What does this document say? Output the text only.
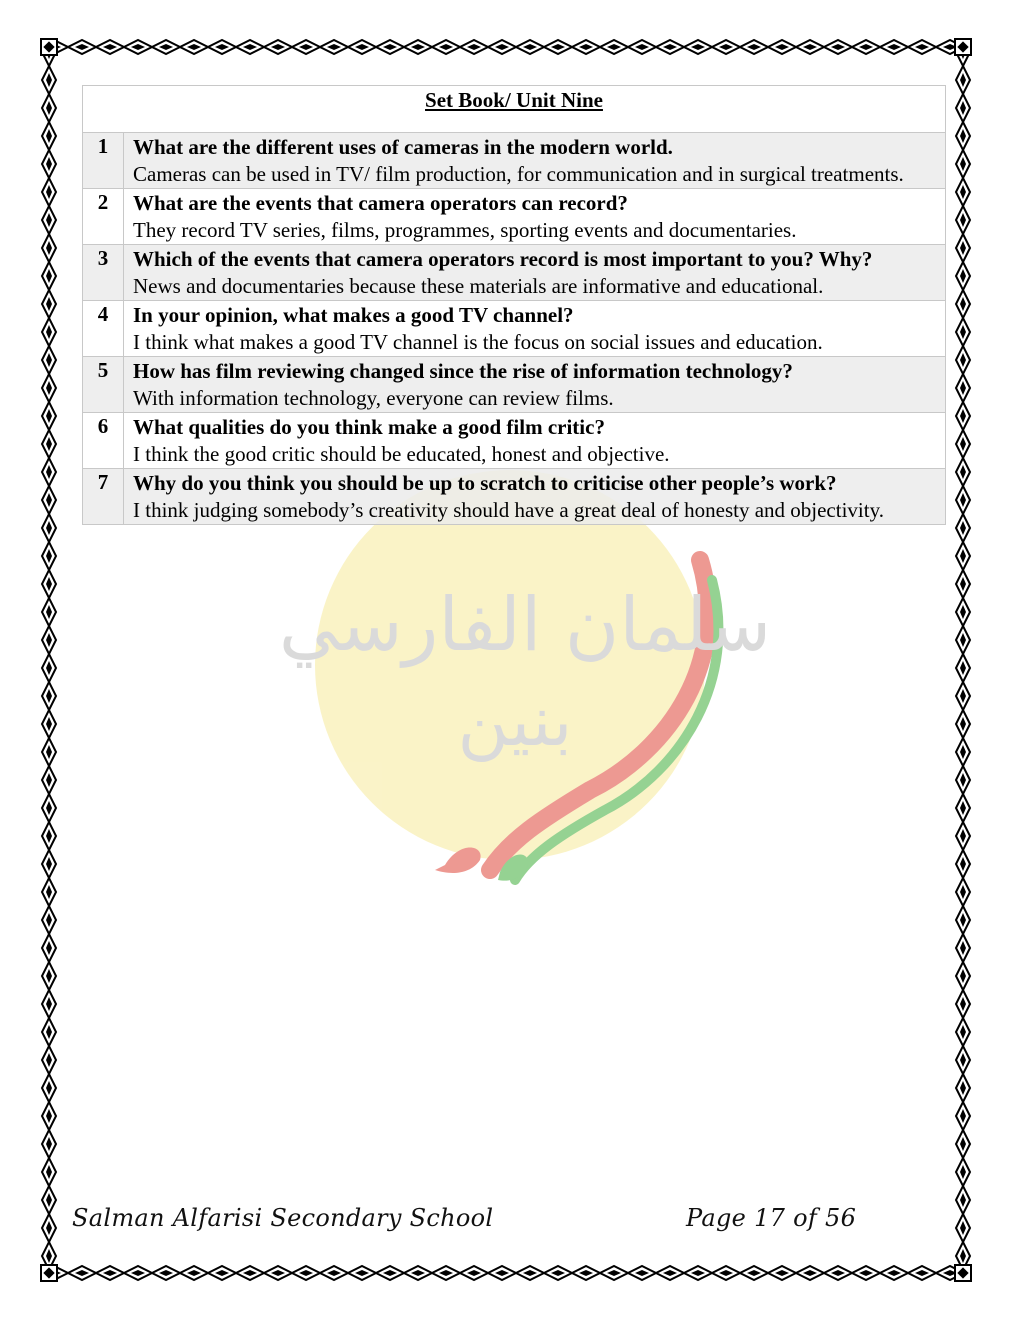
سلمان الفارسي
بنين
Set Book/ Unit Nine	
1	What are the different uses of cameras in the modern world.
Cameras can be used in TV/ film production, for communication and in surgical treatments.

2	What are the events that camera operators can record?
They record TV series, films, programmes, sporting events and documentaries.

3	Which of the events that camera operators record is most important to you? Why?
News and documentaries because these materials are informative and educational.

4	In your opinion, what makes a good TV channel?
I think what makes a good TV channel is the focus on social issues and education.

5	How has film reviewing changed since the rise of information technology?
With information technology, everyone can review films.

6	What qualities do you think make a good film critic?
I think the good critic should be educated, honest and objective.

7	Why do you think you should be up to scratch to criticise other people’s work?
I think judging somebody’s creativity should have a great deal of honesty and objectivity.
Salman Alfarisi Secondary School	Page 17 of 56
